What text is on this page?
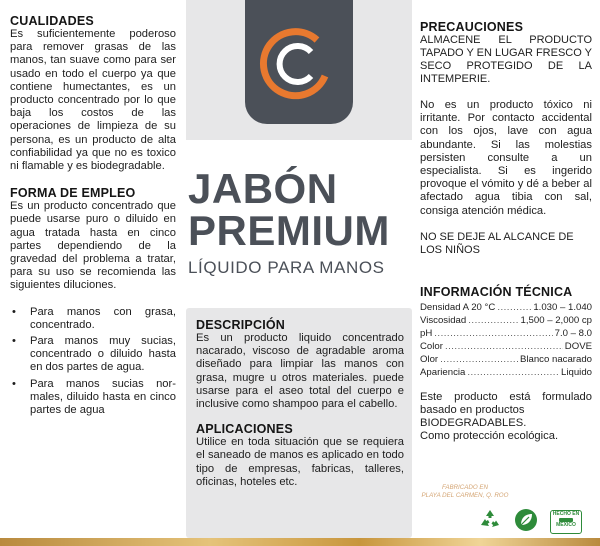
JABÓN
PREMIUM
LÍQUIDO PARA MANOS
CUALIDADES

Es suficientemente poderoso para remover grasas de las manos, tan suave como para ser usado en todo el cuerpo ya que contiene humectantes, es un producto concentrado por lo que baja los costos de las operaciones de limpieza de su persona, es un producto de alta confiabilidad ya que no es toxico ni flamable y es biodegradable.

FORMA DE EMPLEO

Es un producto concentrado que puede usarse puro o diluido en agua tratada hasta en cinco partes dependiendo de la gravedad del problema a tratar, para su uso se recomienda las siguientes diluciones.

• Para manos con grasa, concentrado.
• Para manos muy sucias, concentrado o diluido hasta en dos partes de agua.
• Para manos sucias nor-males, diluido hasta en cinco partes de agua
DESCRIPCIÓN

Es un producto liquido concentrado nacarado, viscoso de agradable aroma diseñado para limpiar las manos con grasa, mugre u otros materiales. puede usarse para el aseo total del cuerpo e inclusive como shampoo para el cabello.

APLICACIONES

Utilice en toda situación que se requiera el saneado de manos es aplicado en todo tipo de empresas, fabricas, talleres, oficinas, hoteles etc.

PRECAUCIONES

ALMACENE EL PRODUCTO TAPADO Y EN LUGAR FRESCO Y SECO PROTEGIDO DE LA INTEMPERIE.

No es un producto tóxico ni irritante. Por contacto accidental con los ojos, lave con agua abundante. Si las molestias persisten consulte a un especialista. Si es ingerido provoque el vómito y dé a beber al afectado agua tibia con sal, consiga atención médica.

NO SE DEJE AL ALCANCE DE LOS NIÑOS

INFORMACIÓN TÉCNICA
Densidad A 20 °C .....	1.030 – 1.040
Viscosidad .....	1,500 – 2,000 cp
pH .....	7.0 – 8.0
Color .....	DOVE
Olor .....	Blanco nacarado
Apariencia .....	Liquido

Este producto está formulado basado en productos

BIODEGRADABLES.

Como protección ecológica.

FABRICADO EN
PLAYA DEL CARMEN, Q. ROO
HECHO EN
MÉXICO
